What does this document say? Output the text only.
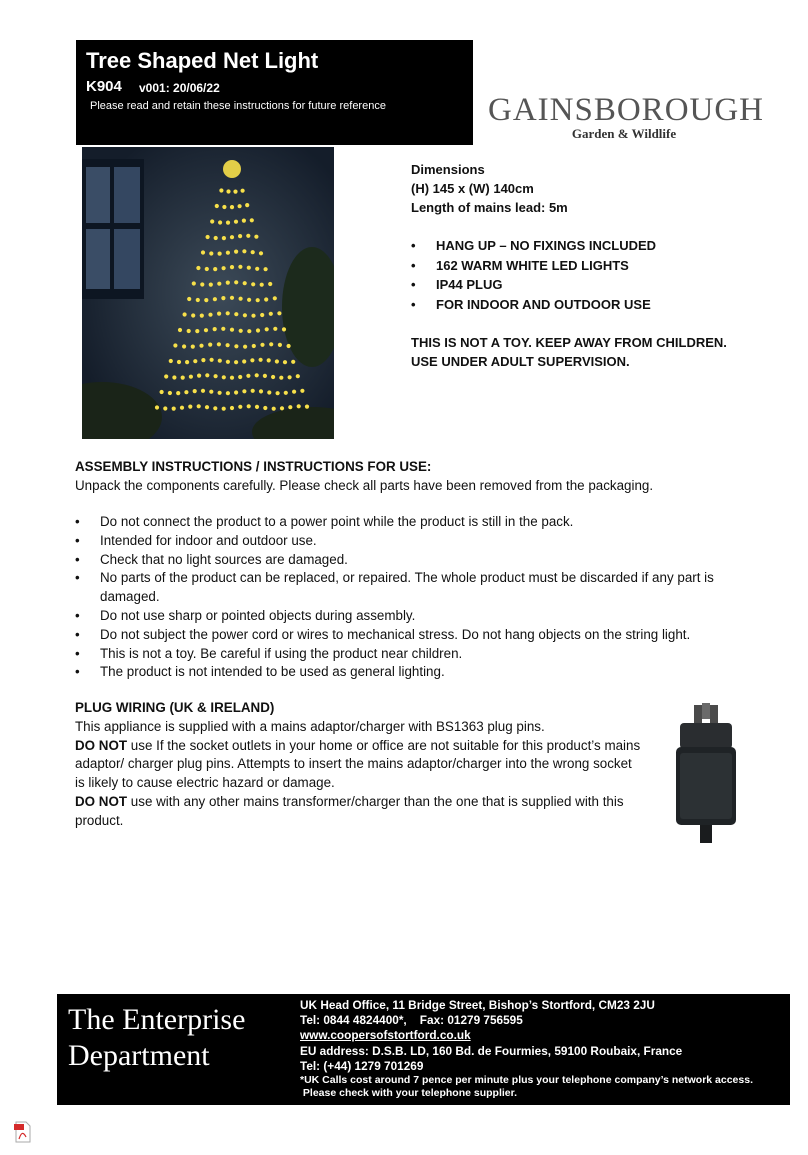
Tree Shaped Net Light
K904 v001: 20/06/22
Please read and retain these instructions for future reference	GAINSBOROUGH
Garden & Wildlife
Dimensions
(H) 145 x (W) 140cm
Length of mains lead: 5m
• HANG UP – NO FIXINGS INCLUDED
• 162 WARM WHITE LED LIGHTS
• IP44 PLUG
• FOR INDOOR AND OUTDOOR USE
THIS IS NOT A TOY. KEEP AWAY FROM CHILDREN.
USE UNDER ADULT SUPERVISION.
ASSEMBLY INSTRUCTIONS / INSTRUCTIONS FOR USE:
Unpack the components carefully. Please check all parts have been removed from the packaging.
• Do not connect the product to a power point while the product is still in the pack.
• Intended for indoor and outdoor use.
• Check that no light sources are damaged.
• No parts of the product can be replaced, or repaired. The whole product must be discarded if any part is damaged.
• Do not use sharp or pointed objects during assembly.
• Do not subject the power cord or wires to mechanical stress. Do not hang objects on the string light.
• This is not a toy. Be careful if using the product near children.
• The product is not intended to be used as general lighting.

PLUG WIRING (UK & IRELAND)

This appliance is supplied with a mains adaptor/charger with BS1363 plug pins.

DO NOT use If the socket outlets in your home or office are not suitable for this product’s mains adaptor/ charger plug pins. Attempts to insert the mains adaptor/charger into the wrong socket is likely to cause electric hazard or damage.

DO NOT use with any other mains transformer/charger than the one that is supplied with this product.

The Enterprise
Department
UK Head Office, 11 Bridge Street, Bishop’s Stortford, CM23 2JU
Tel: 0844 4824400*,    Fax: 01279 756595
www.coopersofstortford.co.uk
EU address: D.S.B. LD, 160 Bd. de Fourmies, 59100 Roubaix, France
Tel: (+44) 1279 701269
*UK Calls cost around 7 pence per minute plus your telephone company’s network access.
Please check with your telephone supplier.
